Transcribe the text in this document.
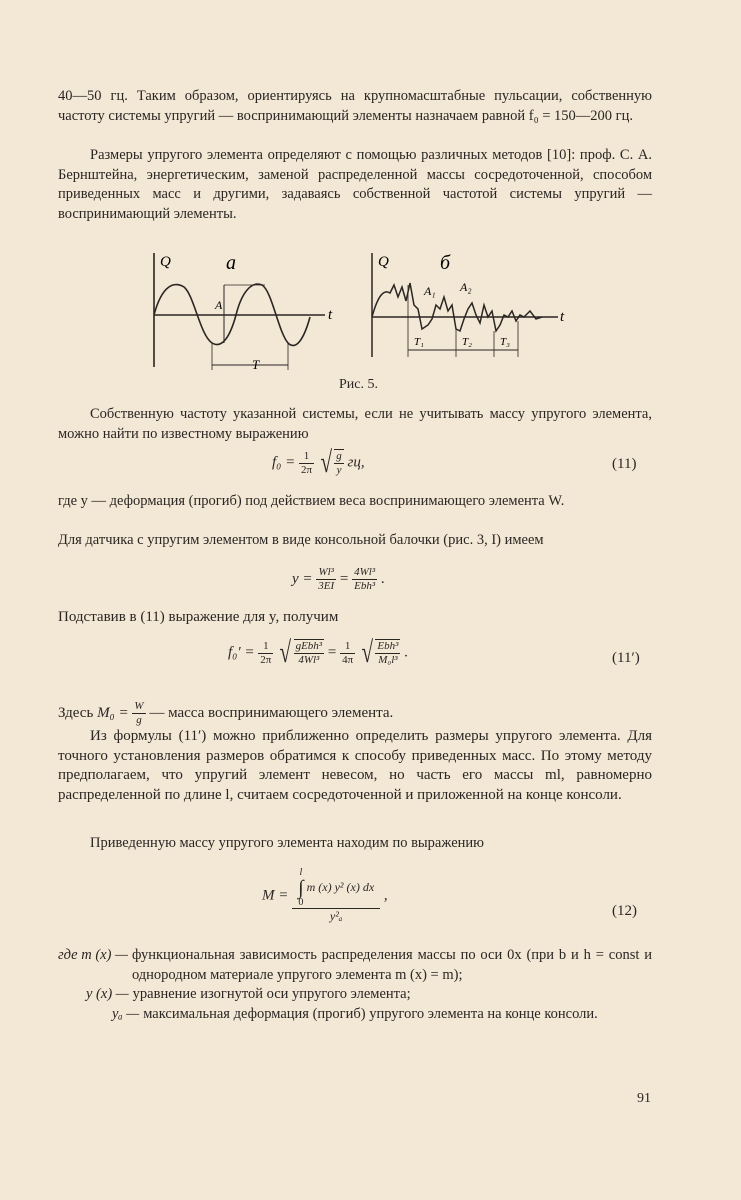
40—50 гц. Таким образом, ориентируясь на крупномасштабные пульсации, собственную частоту системы упругий — воспринимающий элементы назначаем равной f₀ = 150—200 гц.

Размеры упругого элемента определяют с помощью различных методов [10]: проф. С. А. Бернштейна, энергетическим, заменой распределенной массы сосредоточенной, способом приведенных масс и другими, задаваясь собственной частотой системы упругий — воспринимающий элементы.

Q	а
t
A
T
Q	б
t
A₁ A₂
T₁	T₂	T₃
Рис. 5.

Собственную частоту указанной системы, если не учитывать массу упругого элемента, можно найти по известному выражению

$f_0 = \frac{1}{2\pi}$ √ $\frac{g}{y}$ гц,	(11)

где y — деформация (прогиб) под действием веса воспринимающего элемента W.

Для датчика с упругим элементом в виде консольной балочки (рис. 3, I) имеем

$y = \frac{\text{Wl³}}{3EI} = \frac{\text{4Wl³}}{\text{Ebh³}}$ .

Подставив в (11) выражение для y, получим

$f_0' = \frac{1}{2\pi}$ √ $\frac{\text{gEbh³}}{\text{4Wl³}} = \frac{1}{4\pi}$ √ $\frac{\text{Ebh³}}{\text{M₀l³}}$ .	(11′)
Здесь $M_0 = \frac{W}{g}$ — масса воспринимающего элемента.

Из формулы (11′) можно приближенно определить размеры упругого элемента. Для точного установления размеров обратимся к способу приведенных масс. По этому методу предполагаем, что упругий элемент невесом, но часть его массы ml, равномерно распределенной по длине l, считаем сосредоточенной и приложенной на конце консоли.

Приведенную массу упругого элемента находим по выражению

M = l
∫
0
m (x) y² (x) dx
y²ₐ ,
(12)
где m (x) — функциональная зависимость распределения массы по оси 0x (при b и h = const и однородном материале упругого элемента m (x) = m);
y (x) — уравнение изогнутой оси упругого элемента;
yₐ — максимальная деформация (прогиб) упругого элемента на конце консоли.
91
